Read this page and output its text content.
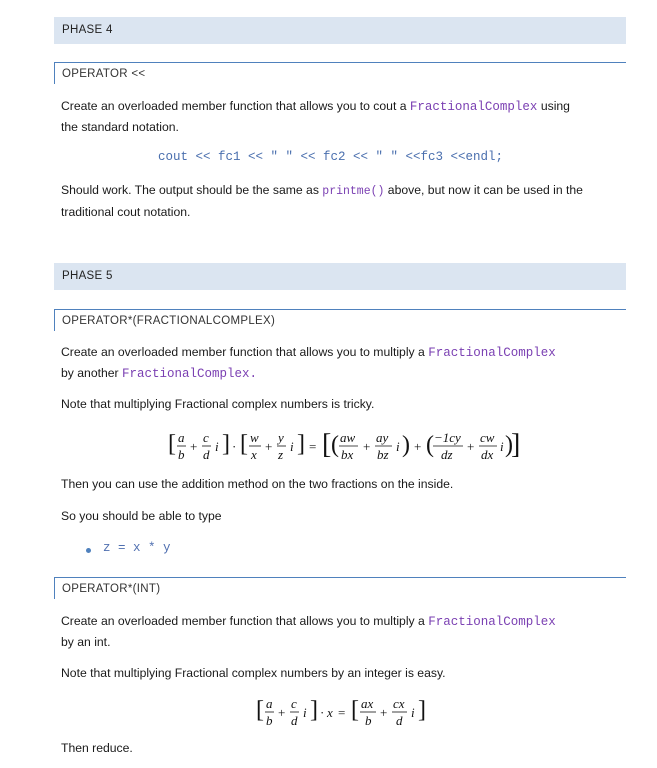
PHASE 4
OPERATOR <<
Create an overloaded member function that allows you to cout a FractionalComplex using
the standard notation.
cout << fc1 << " " << fc2 << " " <<fc3 <<endl;
Should work. The output should be the same as printme() above, but now it can be used in the
traditional cout notation.
PHASE 5
OPERATOR*(FRACTIONALCOMPLEX)
Create an overloaded member function that allows you to multiply a FractionalComplex
by another FractionalComplex.
Note that multiplying Fractional complex numbers is tricky.
[ a
b
+
c
d
i ] · [ w
x
+
y
z
i ] = [ ( aw
bx
+
ay
bz
i ) + ( −1cy
dz
+
cw
dx
i )
]
Then you can use the addition method on the two fractions on the inside.
So you should be able to type
z = x * y
OPERATOR*(INT)
Create an overloaded member function that allows you to multiply a FractionalComplex
by an int.
Note that multiplying Fractional complex numbers by an integer is easy.
[ a
b
+
c
d
i ] · x = [ ax
b
+
cx
d
i ]
Then reduce.
